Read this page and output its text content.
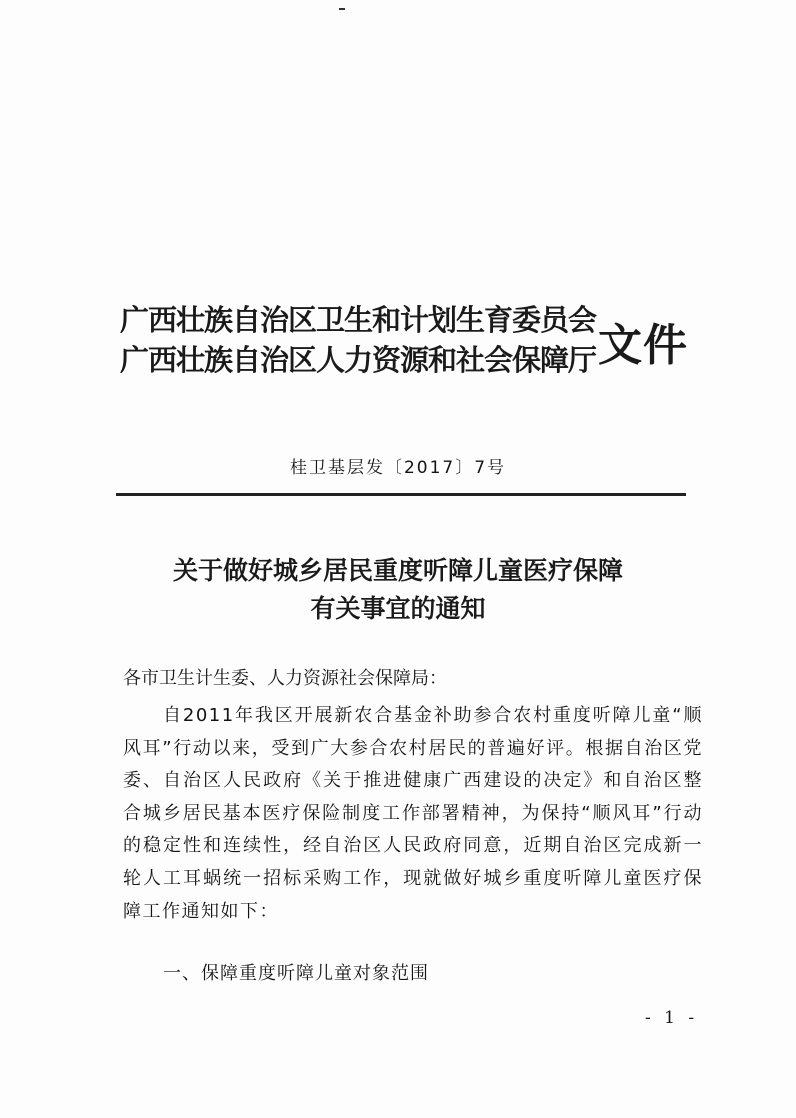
广西壮族自治区卫生和计划生育委员会
广西壮族自治区人力资源和社会保障厅 文件
桂卫基层发〔2017〕7号
关于做好城乡居民重度听障儿童医疗保障
有关事宜的通知
各市卫生计生委、人力资源社会保障局：
自2011年我区开展新农合基金补助参合农村重度听障儿童“顺风耳”行动以来，受到广大参合农村居民的普遍好评。根据自治区党委、自治区人民政府《关于推进健康广西建设的决定》和自治区整合城乡居民基本医疗保险制度工作部署精神，为保持“顺风耳”行动的稳定性和连续性，经自治区人民政府同意，近期自治区完成新一轮人工耳蜗统一招标采购工作，现就做好城乡重度听障儿童医疗保障工作通知如下：
一、保障重度听障儿童对象范围
- 1 -
